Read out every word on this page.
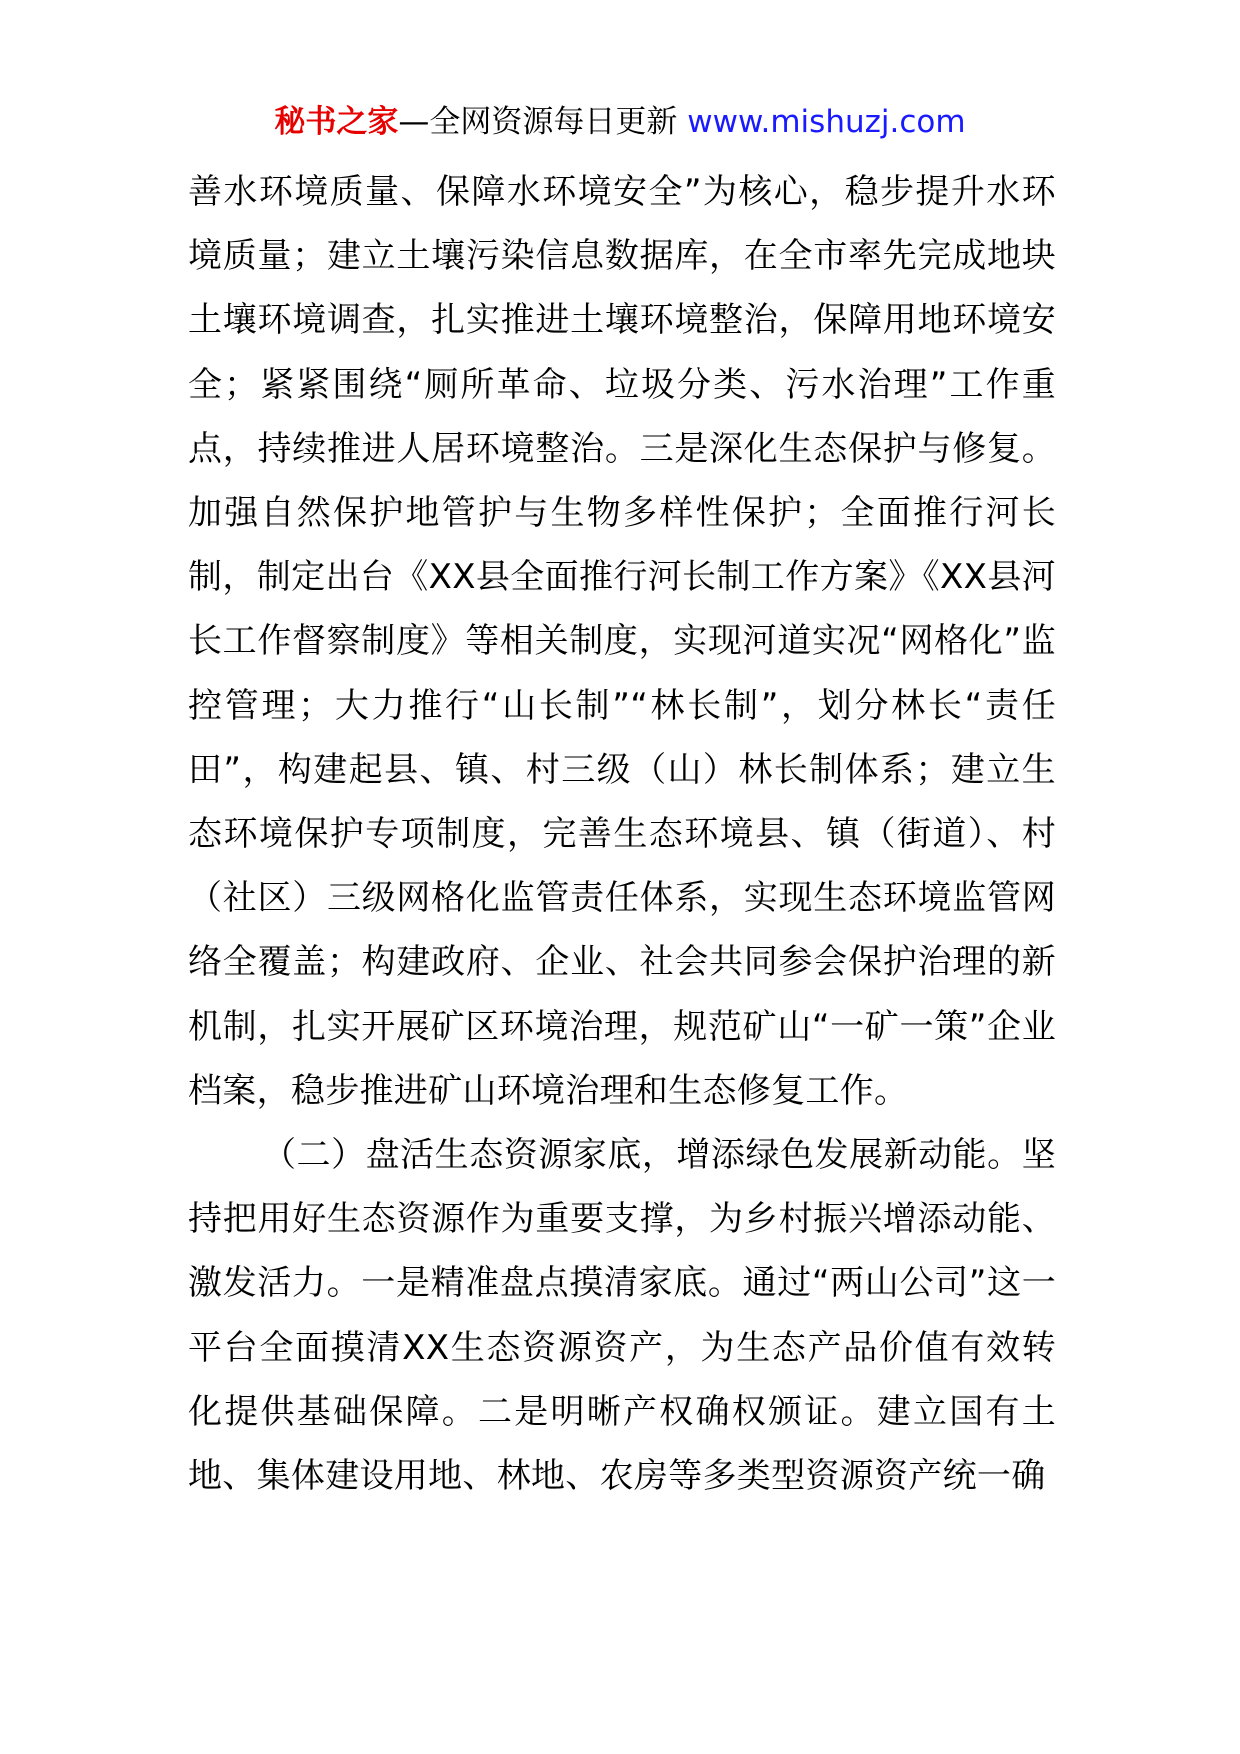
秘书之家—全网资源每日更新 www.mishuzj.com

善水环境质量、保障水环境安全”为核心，稳步提升水环境质量；建立土壤污染信息数据库，在全市率先完成地块土壤环境调查，扎实推进土壤环境整治，保障用地环境安全；紧紧围绕“厕所革命、垃圾分类、污水治理”工作重点，持续推进人居环境整治。三是深化生态保护与修复。加强自然保护地管护与生物多样性保护；全面推行河长制，制定出台《XX县全面推行河长制工作方案》《XX县河长工作督察制度》等相关制度，实现河道实况“网格化”监控管理；大力推行“山长制”“林长制”，划分林长“责任田”，构建起县、镇、村三级（山）林长制体系；建立生态环境保护专项制度，完善生态环境县、镇（街道）、村（社区）三级网格化监管责任体系，实现生态环境监管网络全覆盖；构建政府、企业、社会共同参会保护治理的新机制，扎实开展矿区环境治理，规范矿山“一矿一策”企业档案，稳步推进矿山环境治理和生态修复工作。

（二）盘活生态资源家底，增添绿色发展新动能。坚持把用好生态资源作为重要支撑，为乡村振兴增添动能、激发活力。一是精准盘点摸清家底。通过“两山公司”这一平台全面摸清XX生态资源资产，为生态产品价值有效转化提供基础保障。二是明晰产权确权颁证。建立国有土地、集体建设用地、林地、农房等多类型资源资产统一确
